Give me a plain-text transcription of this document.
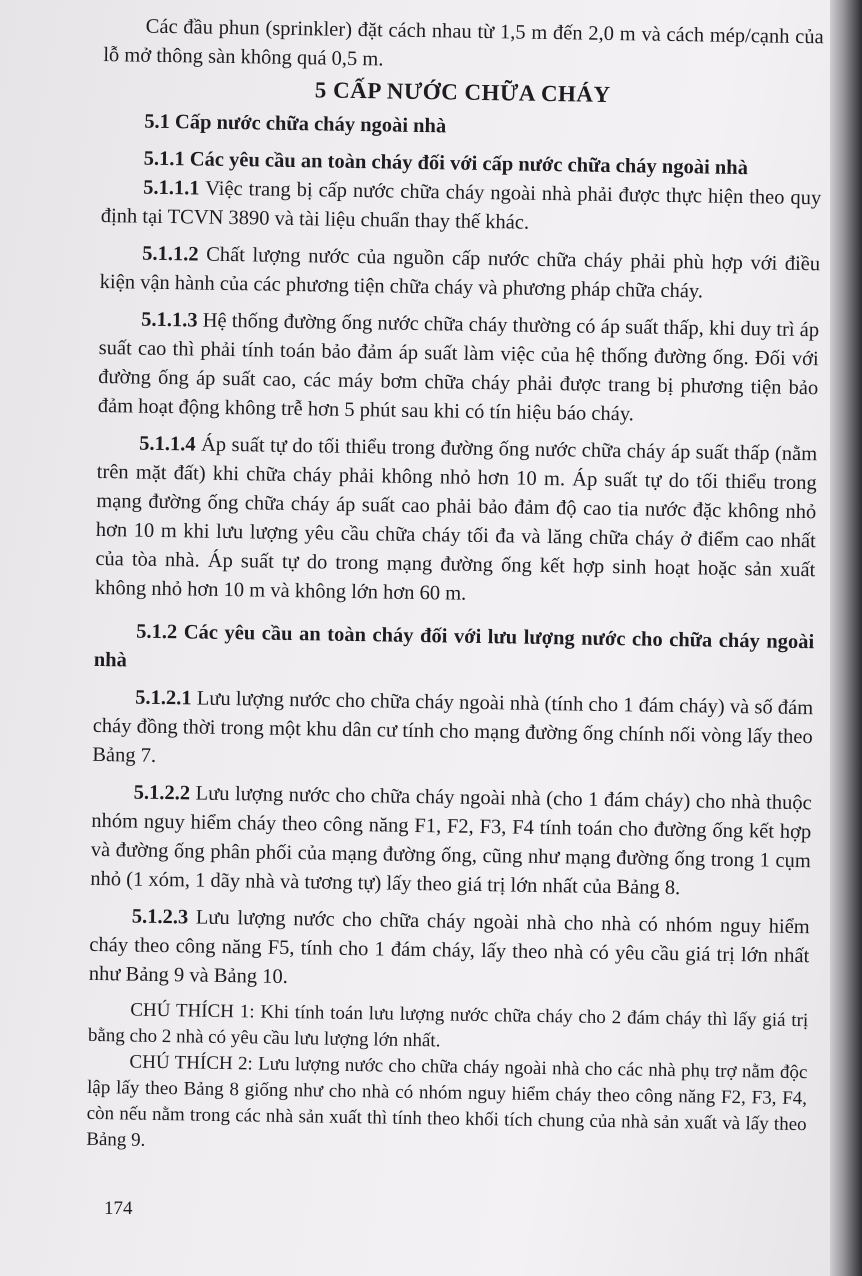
Các đầu phun (sprinkler) đặt cách nhau từ 1,5 m đến 2,0 m và cách mép/cạnh của lỗ mở thông sàn không quá 0,5 m.

5 CẤP NƯỚC CHỮA CHÁY
5.1 Cấp nước chữa cháy ngoài nhà
5.1.1 Các yêu cầu an toàn cháy đối với cấp nước chữa cháy ngoài nhà

5.1.1.1 Việc trang bị cấp nước chữa cháy ngoài nhà phải được thực hiện theo quy định tại TCVN 3890 và tài liệu chuẩn thay thế khác.

5.1.1.2 Chất lượng nước của nguồn cấp nước chữa cháy phải phù hợp với điều kiện vận hành của các phương tiện chữa cháy và phương pháp chữa cháy.

5.1.1.3 Hệ thống đường ống nước chữa cháy thường có áp suất thấp, khi duy trì áp suất cao thì phải tính toán bảo đảm áp suất làm việc của hệ thống đường ống. Đối với đường ống áp suất cao, các máy bơm chữa cháy phải được trang bị phương tiện bảo đảm hoạt động không trễ hơn 5 phút sau khi có tín hiệu báo cháy.

5.1.1.4 Áp suất tự do tối thiểu trong đường ống nước chữa cháy áp suất thấp (nằm trên mặt đất) khi chữa cháy phải không nhỏ hơn 10 m. Áp suất tự do tối thiểu trong mạng đường ống chữa cháy áp suất cao phải bảo đảm độ cao tia nước đặc không nhỏ hơn 10 m khi lưu lượng yêu cầu chữa cháy tối đa và lăng chữa cháy ở điểm cao nhất của tòa nhà. Áp suất tự do trong mạng đường ống kết hợp sinh hoạt hoặc sản xuất không nhỏ hơn 10 m và không lớn hơn 60 m.

5.1.2 Các yêu cầu an toàn cháy đối với lưu lượng nước cho chữa cháy ngoài nhà

5.1.2.1 Lưu lượng nước cho chữa cháy ngoài nhà (tính cho 1 đám cháy) và số đám cháy đồng thời trong một khu dân cư tính cho mạng đường ống chính nối vòng lấy theo Bảng 7.

5.1.2.2 Lưu lượng nước cho chữa cháy ngoài nhà (cho 1 đám cháy) cho nhà thuộc nhóm nguy hiểm cháy theo công năng F1, F2, F3, F4 tính toán cho đường ống kết hợp và đường ống phân phối của mạng đường ống, cũng như mạng đường ống trong 1 cụm nhỏ (1 xóm, 1 dãy nhà và tương tự) lấy theo giá trị lớn nhất của Bảng 8.

5.1.2.3 Lưu lượng nước cho chữa cháy ngoài nhà cho nhà có nhóm nguy hiểm cháy theo công năng F5, tính cho 1 đám cháy, lấy theo nhà có yêu cầu giá trị lớn nhất như Bảng 9 và Bảng 10.

CHÚ THÍCH 1: Khi tính toán lưu lượng nước chữa cháy cho 2 đám cháy thì lấy giá trị bằng cho 2 nhà có yêu cầu lưu lượng lớn nhất.

CHÚ THÍCH 2: Lưu lượng nước cho chữa cháy ngoài nhà cho các nhà phụ trợ nằm độc lập lấy theo Bảng 8 giống như cho nhà có nhóm nguy hiểm cháy theo công năng F2, F3, F4, còn nếu nằm trong các nhà sản xuất thì tính theo khối tích chung của nhà sản xuất và lấy theo Bảng 9.

174
